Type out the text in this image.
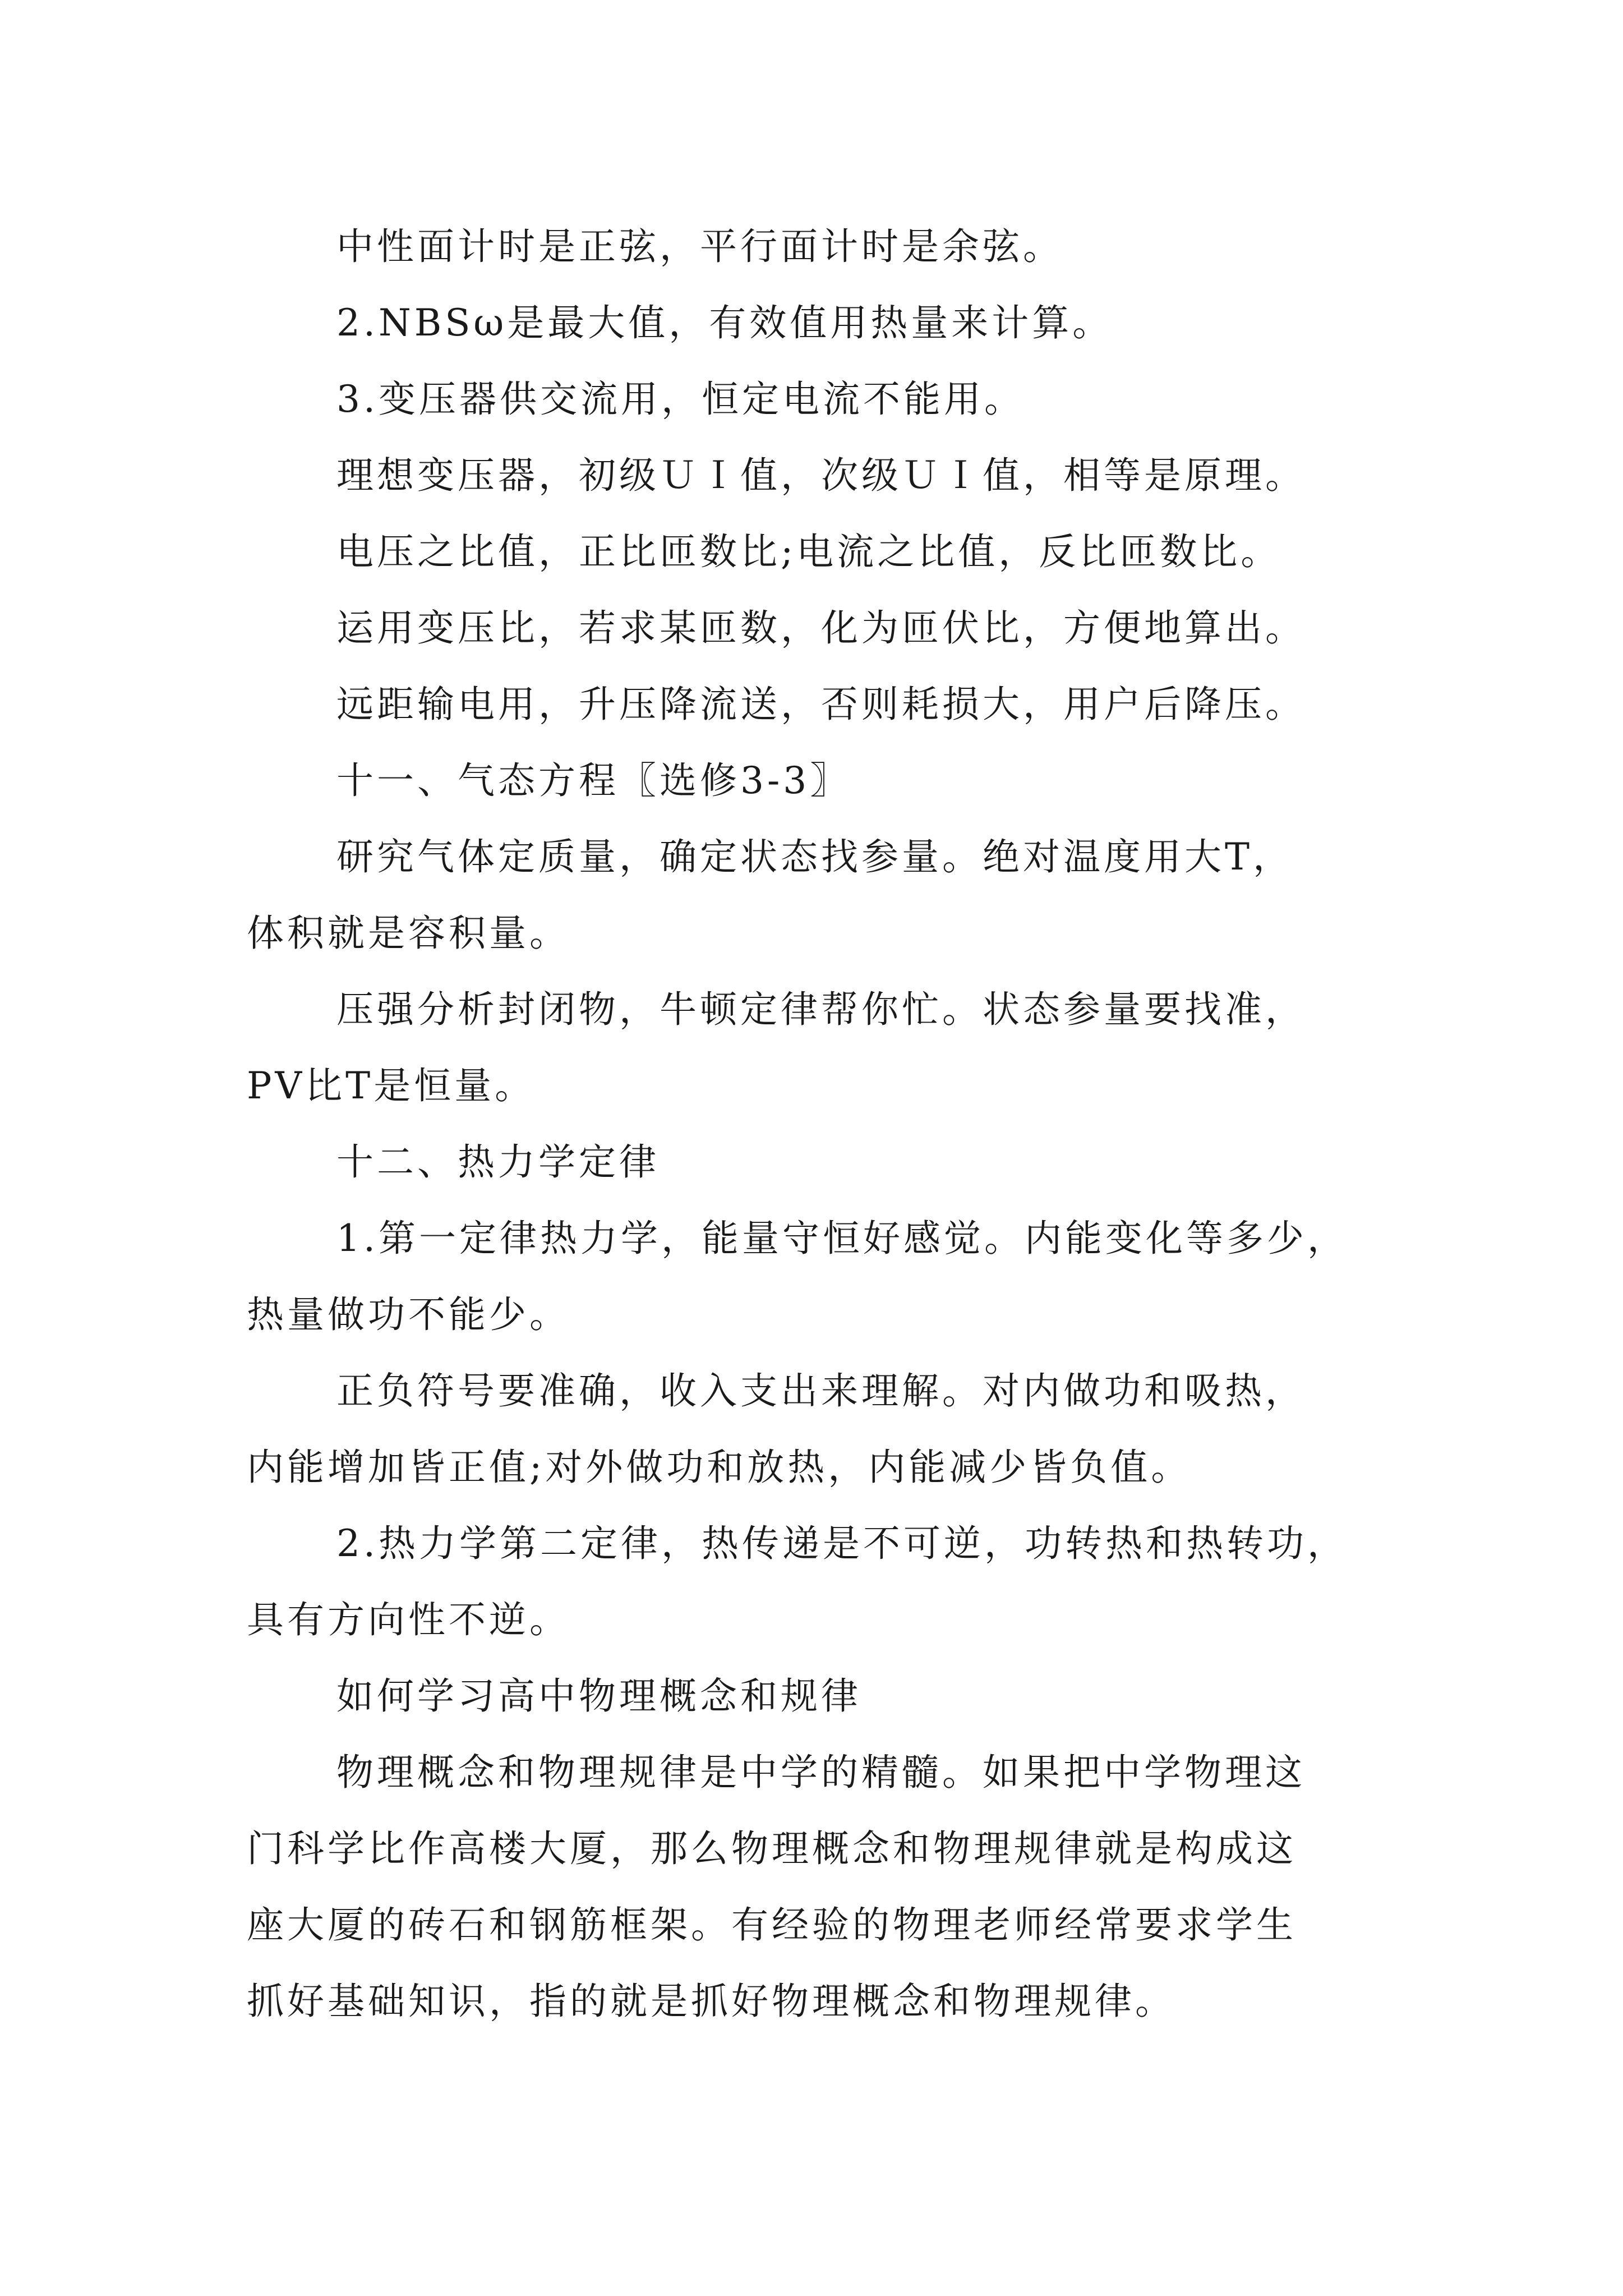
中性面计时是正弦，平行面计时是余弦。
2.NBSω是最大值，有效值用热量来计算。
3.变压器供交流用，恒定电流不能用。
理想变压器，初级ＵＩ值，次级ＵＩ值，相等是原理。
电压之比值，正比匝数比;电流之比值，反比匝数比。
运用变压比，若求某匝数，化为匝伏比，方便地算出。
远距输电用，升压降流送，否则耗损大，用户后降压。
十一、气态方程〖选修3-3〗
研究气体定质量，确定状态找参量。绝对温度用大T，
体积就是容积量。
压强分析封闭物，牛顿定律帮你忙。状态参量要找准，
PV比T是恒量。
十二、热力学定律
1.第一定律热力学，能量守恒好感觉。内能变化等多少，
热量做功不能少。
正负符号要准确，收入支出来理解。对内做功和吸热，
内能增加皆正值;对外做功和放热，内能减少皆负值。
2.热力学第二定律，热传递是不可逆，功转热和热转功，
具有方向性不逆。
如何学习高中物理概念和规律
物理概念和物理规律是中学的精髓。如果把中学物理这
门科学比作高楼大厦，那么物理概念和物理规律就是构成这
座大厦的砖石和钢筋框架。有经验的物理老师经常要求学生
抓好基础知识，指的就是抓好物理概念和物理规律。
